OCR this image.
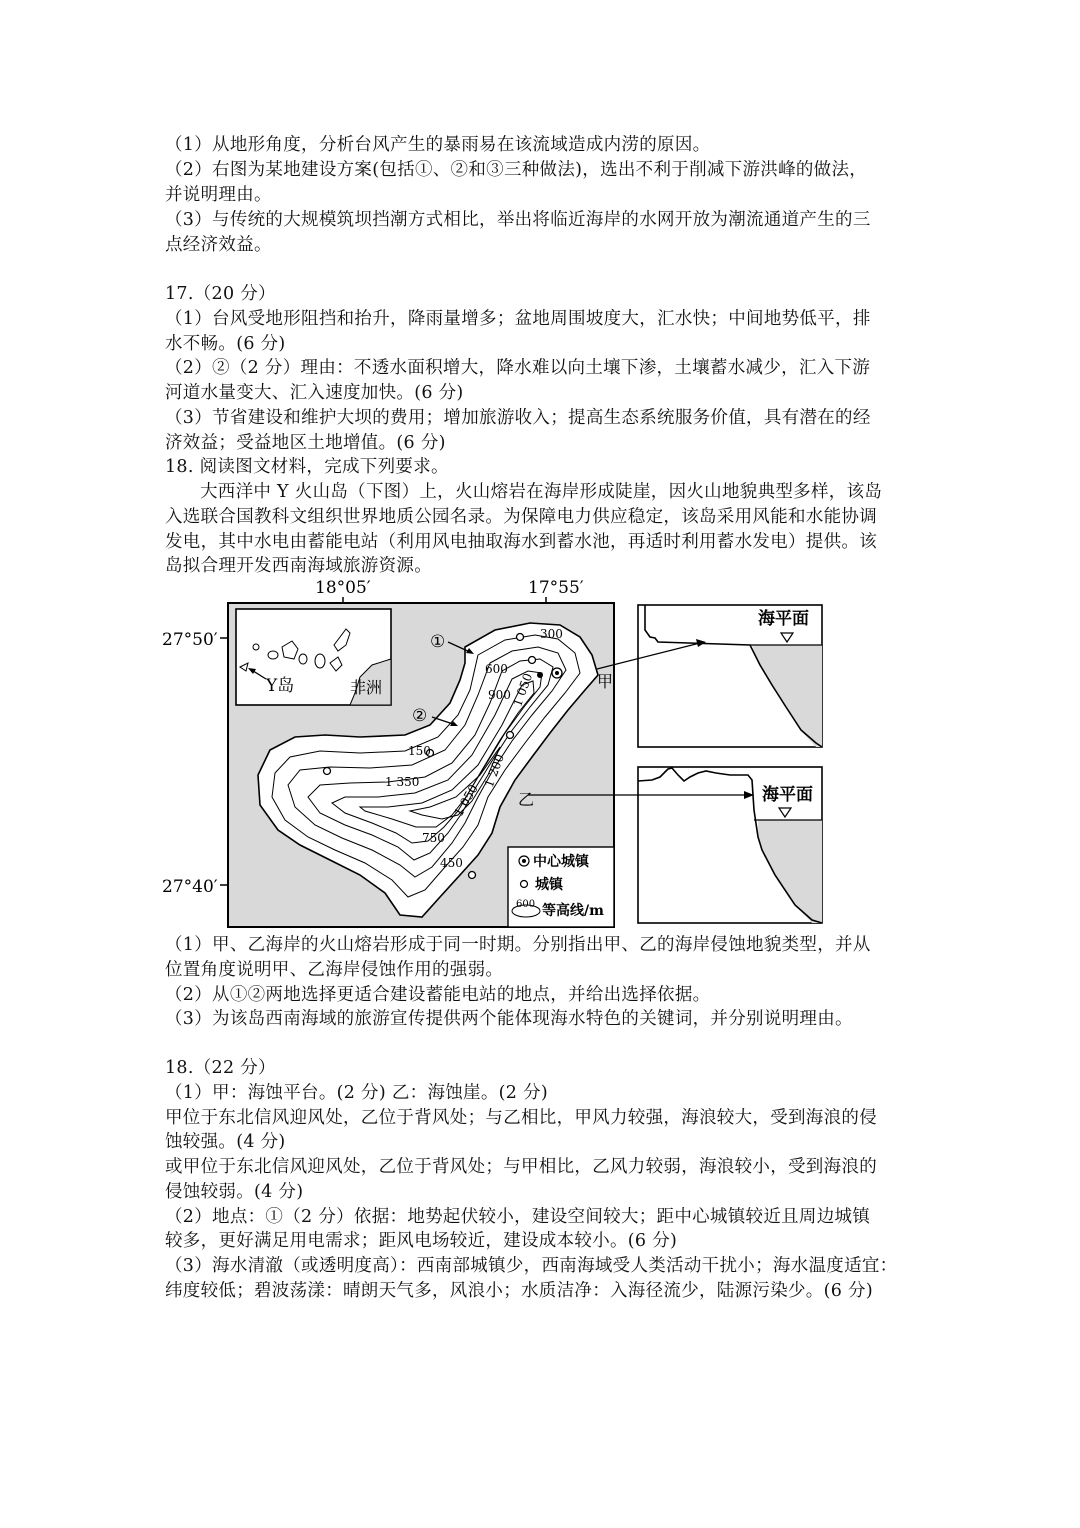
（1）从地形角度，分析台风产生的暴雨易在该流域造成内涝的原因。
（2）右图为某地建设方案(包括①、②和③三种做法)，选出不利于削减下游洪峰的做法，
并说明理由。
（3）与传统的大规模筑坝挡潮方式相比，举出将临近海岸的水网开放为潮流通道产生的三
点经济效益。
17.（20 分）
（1）台风受地形阻挡和抬升，降雨量增多；盆地周围坡度大，汇水快；中间地势低平，排
水不畅。(6 分)
（2）②（2 分）理由：不透水面积增大，降水难以向土壤下渗，土壤蓄水减少，汇入下游
河道水量变大、汇入速度加快。(6 分)
（3）节省建设和维护大坝的费用；增加旅游收入；提高生态系统服务价值，具有潜在的经
济效益；受益地区土地增值。(6 分)
18. 阅读图文材料，完成下列要求。
大西洋中 Y 火山岛（下图）上，火山熔岩在海岸形成陡崖，因火山地貌典型多样，该岛
入选联合国教科文组织世界地质公园名录。为保障电力供应稳定，该岛采用风能和水能协调
发电，其中水电由蓄能电站（利用风电抽取海水到蓄水池，再适时利用蓄水发电）提供。该
岛拟合理开发西南海域旅游资源。
18°05′	17°55′
27°50′
27°40′
300
600
900 1 050
150
1 200
1 350
1 050
750
450
①
②
甲
乙
Y岛	非洲
中心城镇
城镇
600 等高线/m
海平面
海平面
（1）甲、乙海岸的火山熔岩形成于同一时期。分别指出甲、乙的海岸侵蚀地貌类型，并从
位置角度说明甲、乙海岸侵蚀作用的强弱。
（2）从①②两地选择更适合建设蓄能电站的地点，并给出选择依据。
（3）为该岛西南海域的旅游宣传提供两个能体现海水特色的关键词，并分别说明理由。
18.（22 分）
（1）甲：海蚀平台。(2 分) 乙：海蚀崖。(2 分)
甲位于东北信风迎风处，乙位于背风处；与乙相比，甲风力较强，海浪较大，受到海浪的侵
蚀较强。(4 分)
或甲位于东北信风迎风处，乙位于背风处；与甲相比，乙风力较弱，海浪较小，受到海浪的
侵蚀较弱。(4 分)
（2）地点：①（2 分）依据：地势起伏较小，建设空间较大；距中心城镇较近且周边城镇
较多，更好满足用电需求；距风电场较近，建设成本较小。(6 分)
（3）海水清澈（或透明度高）：西南部城镇少，西南海域受人类活动干扰小；海水温度适宜：
纬度较低；碧波荡漾：晴朗天气多，风浪小；水质洁净：入海径流少，陆源污染少。(6 分)
